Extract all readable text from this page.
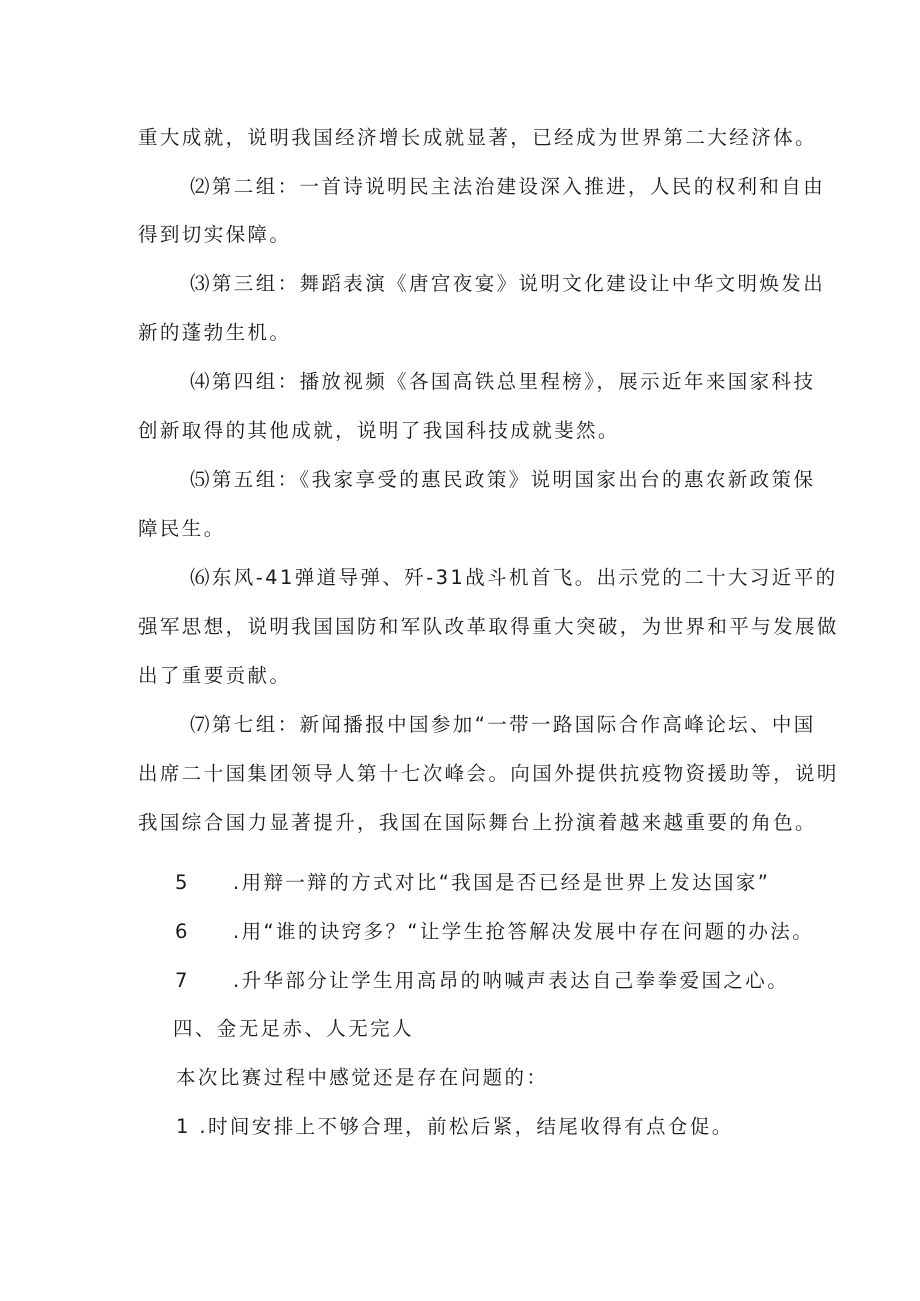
重大成就，说明我国经济增长成就显著，已经成为世界第二大经济体。
⑵第二组：一首诗说明民主法治建设深入推进，人民的权利和自由
得到切实保障。
⑶第三组：舞蹈表演《唐宫夜宴》说明文化建设让中华文明焕发出
新的蓬勃生机。
⑷第四组：播放视频《各国高铁总里程榜》，展示近年来国家科技
创新取得的其他成就，说明了我国科技成就斐然。
⑸第五组：《我家享受的惠民政策》说明国家出台的惠农新政策保
障民生。
⑹东风-41弹道导弹、歼-31战斗机首飞。出示党的二十大习近平的
强军思想，说明我国国防和军队改革取得重大突破，为世界和平与发展做
出了重要贡献。
⑺第七组：新闻播报中国参加“一带一路国际合作高峰论坛、中国
出席二十国集团领导人第十七次峰会。向国外提供抗疫物资援助等，说明
我国综合国力显著提升，我国在国际舞台上扮演着越来越重要的角色。
5 .用辩一辩的方式对比“我国是否已经是世界上发达国家”
6 .用“谁的诀窍多？“让学生抢答解决发展中存在问题的办法。
7 .升华部分让学生用高昂的呐喊声表达自己拳拳爱国之心。
四、金无足赤、人无完人
本次比赛过程中感觉还是存在问题的：
1 .时间安排上不够合理，前松后紧，结尾收得有点仓促。
